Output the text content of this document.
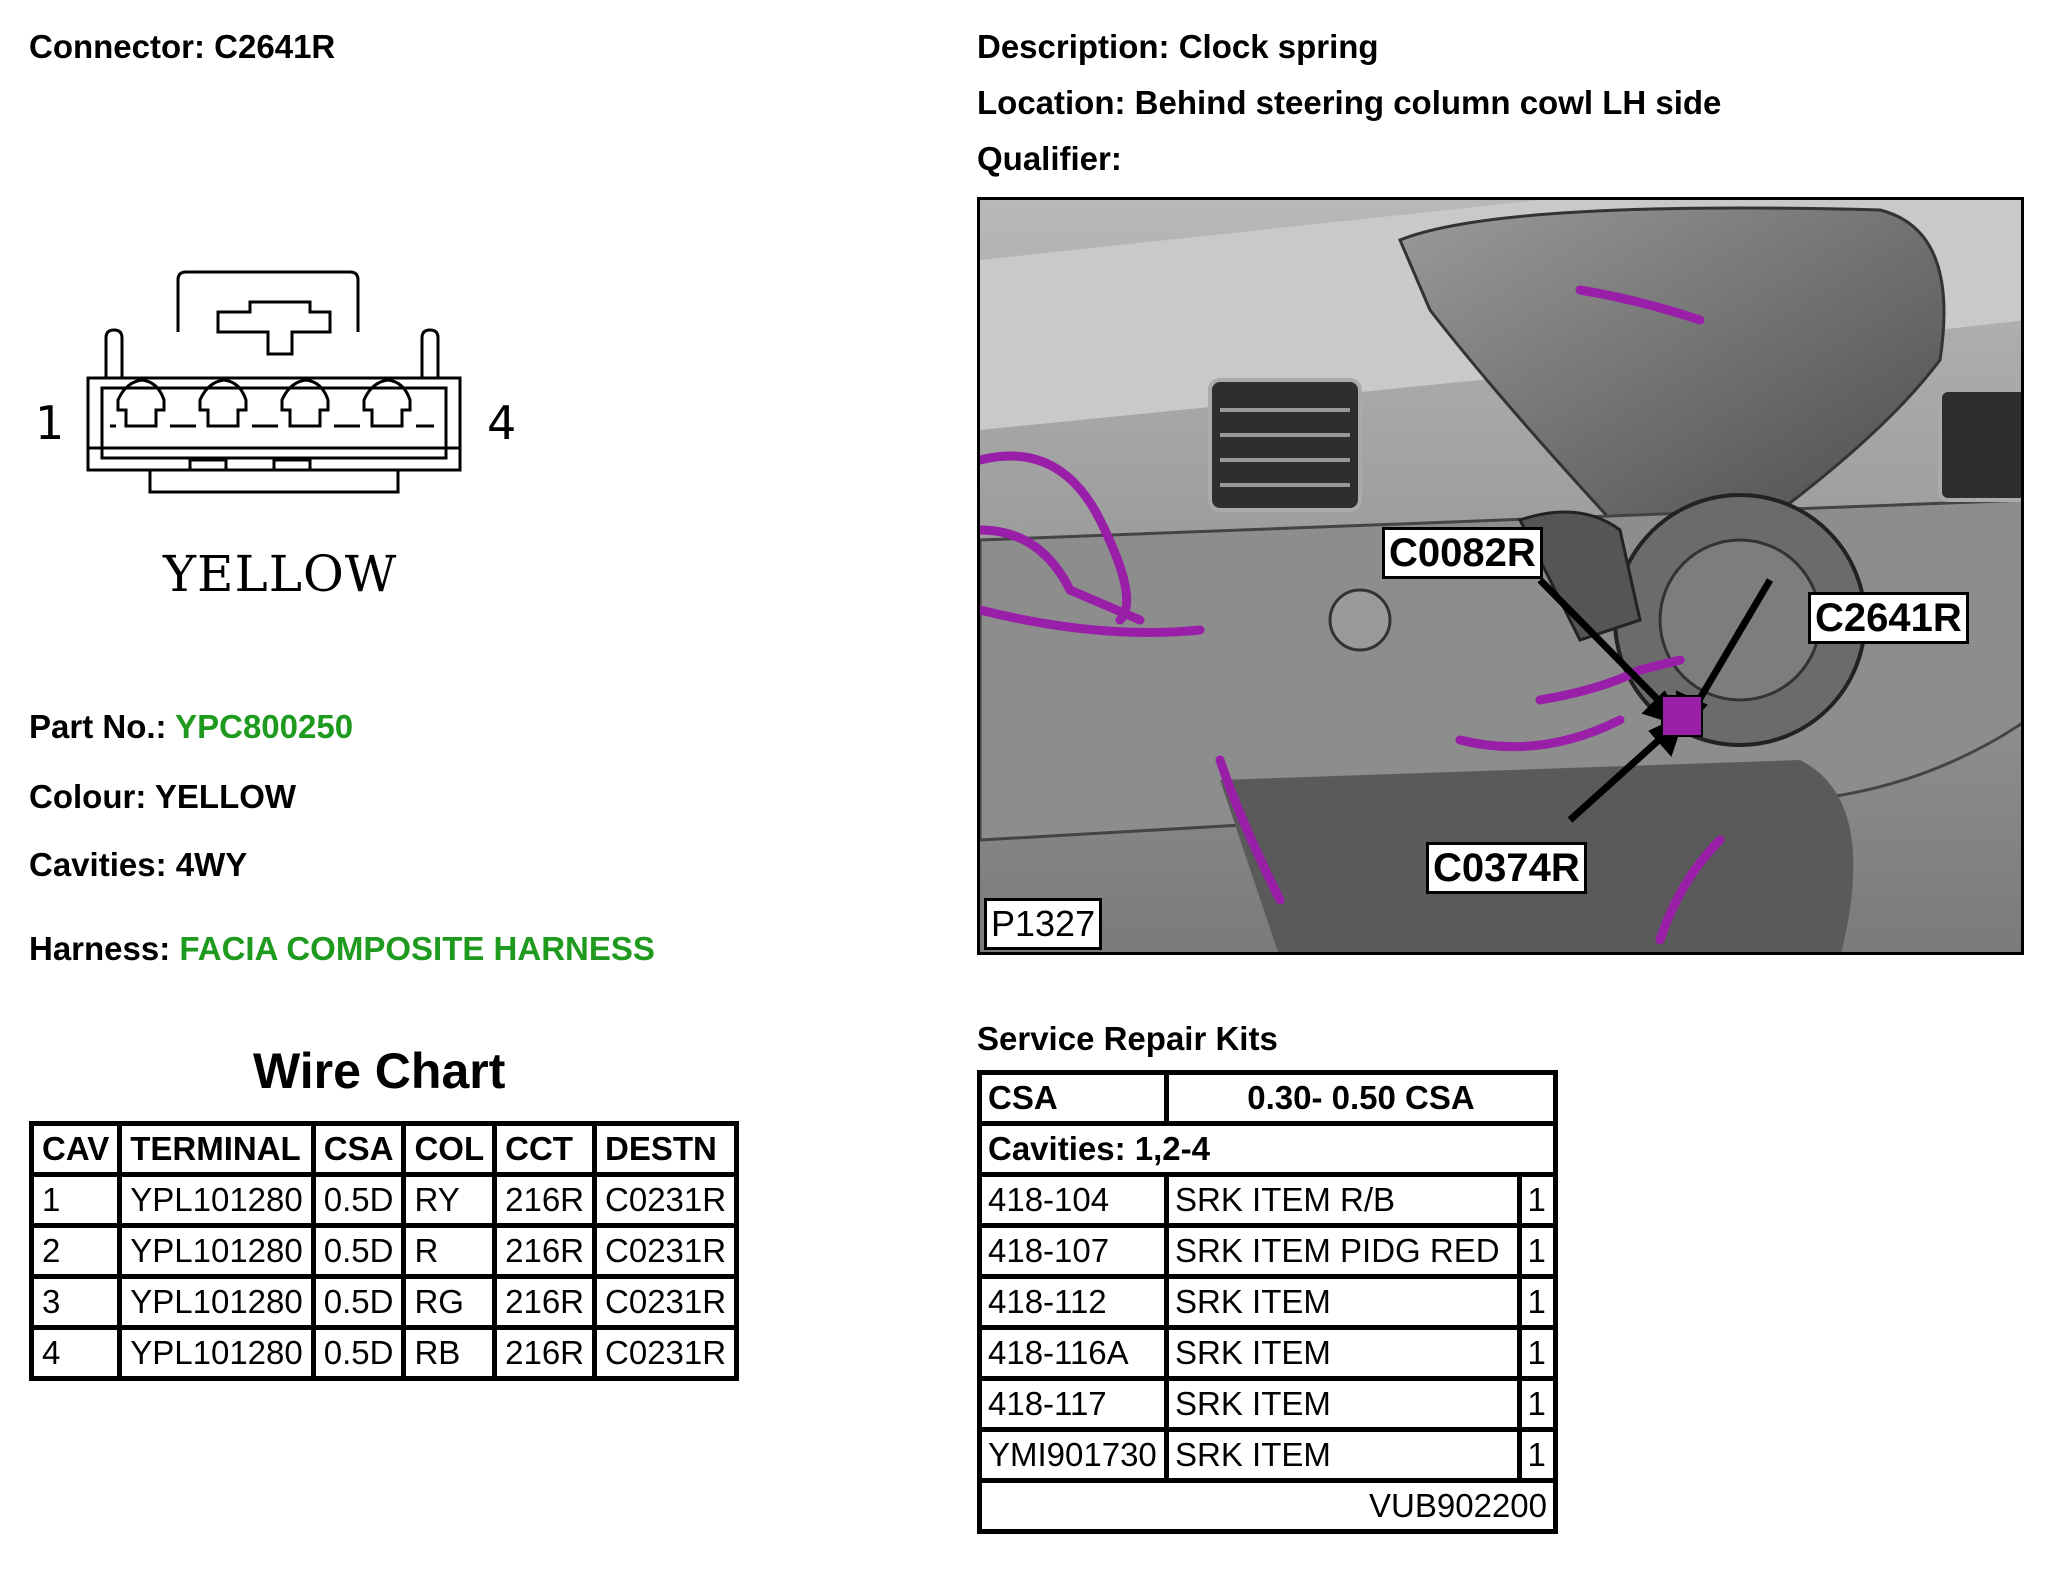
Connector: C2641R	Description: Clock spring
Location: Behind steering column cowl LH side
Qualifier:
1	4
YELLOW
Part No.: YPC800250
Colour: YELLOW
Cavities: 4WY
Harness: FACIA COMPOSITE HARNESS
Wire Chart
CAV	TERMINAL	CSA	COL	CCT	DESTN
1	YPL101280	0.5D	RY	216R	C0231R
2	YPL101280	0.5D	R	216R	C0231R
3	YPL101280	0.5D	RG	216R	C0231R
4	YPL101280	0.5D	RB	216R	C0231R
C0082R
C2641R
C0374R
P1327
Service Repair Kits
CSA	0.30- 0.50 CSA	
Cavities: 1,2-4		
418-104	SRK ITEM R/B	1
418-107	SRK ITEM PIDG RED	1
418-112	SRK ITEM	1
418-116A	SRK ITEM	1
418-117	SRK ITEM	1
YMI901730	SRK ITEM	1
VUB902200		
